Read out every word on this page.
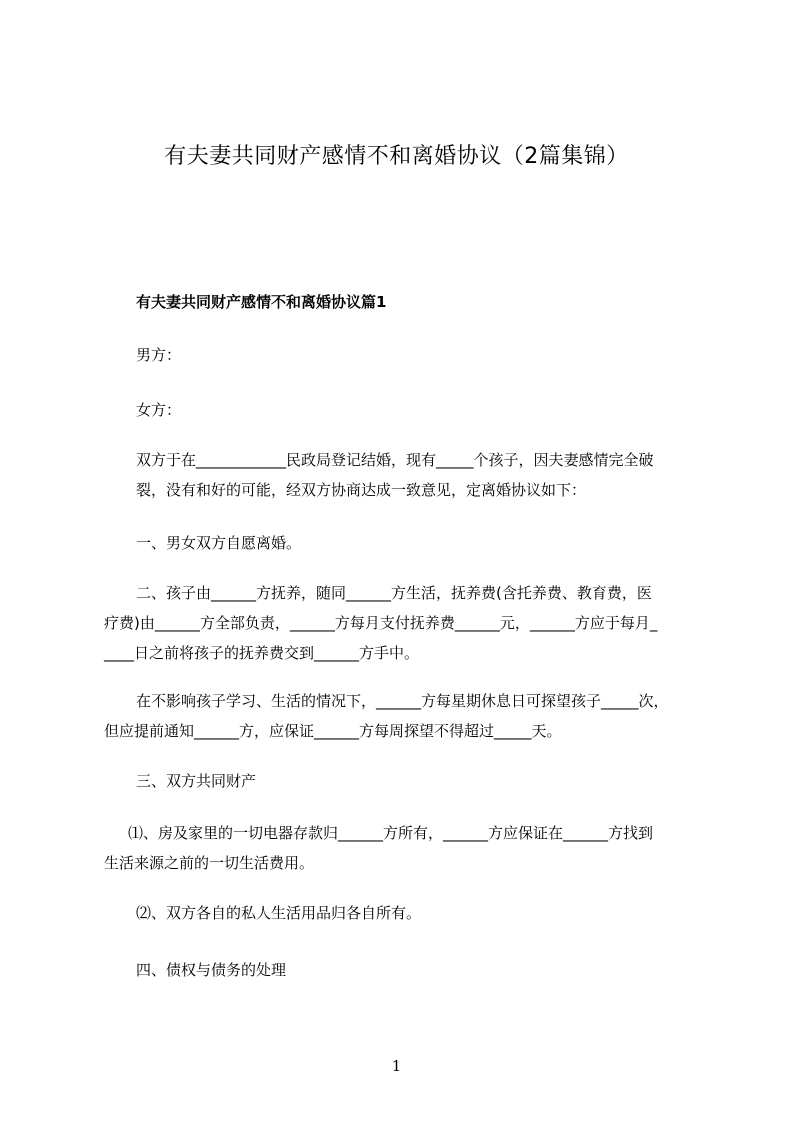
有夫妻共同财产感情不和离婚协议（2篇集锦）
有夫妻共同财产感情不和离婚协议篇1
男方：
女方：
双方于在____________民政局登记结婚，现有_____个孩子，因夫妻感情完全破
裂，没有和好的可能，经双方协商达成一致意见，定离婚协议如下：
一、男女双方自愿离婚。
二、孩子由______方抚养，随同______方生活，抚养费(含托养费、教育费，医
疗费)由______方全部负责，______方每月支付抚养费______元，______方应于每月_
____日之前将孩子的抚养费交到______方手中。
在不影响孩子学习、生活的情况下，______方每星期休息日可探望孩子_____次，
但应提前通知______方，应保证______方每周探望不得超过_____天。
三、双方共同财产
⑴、房及家里的一切电器存款归______方所有，______方应保证在______方找到
生活来源之前的一切生活费用。
⑵、双方各自的私人生活用品归各自所有。
四、债权与债务的处理
1
